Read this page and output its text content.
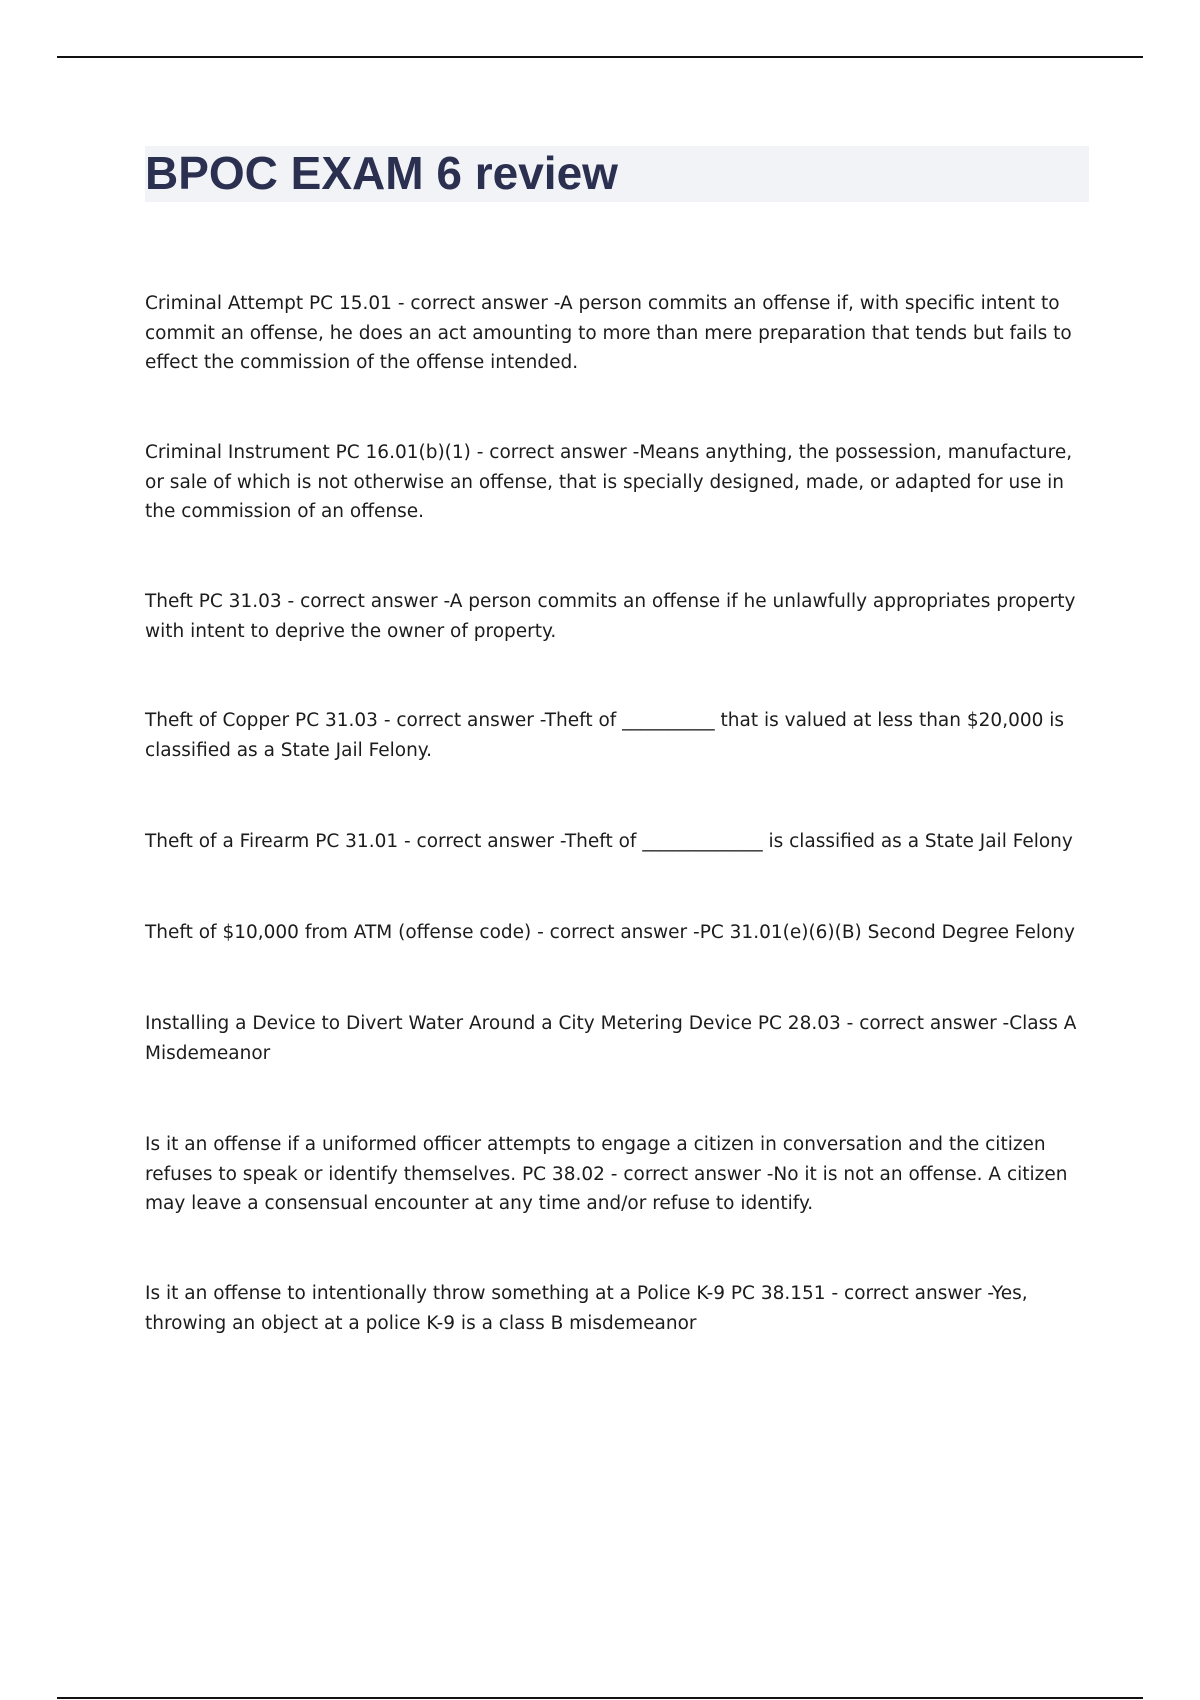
BPOC EXAM 6 review
Criminal Attempt PC 15.01 - correct answer -A person commits an offense if, with specific intent to commit an offense, he does an act amounting to more than mere preparation that tends but fails to effect the commission of the offense intended.
Criminal Instrument PC 16.01(b)(1) - correct answer -Means anything, the possession, manufacture, or sale of which is not otherwise an offense, that is specially designed, made, or adapted for use in the commission of an offense.
Theft PC 31.03 - correct answer -A person commits an offense if he unlawfully appropriates property with intent to deprive the owner of property.
Theft of Copper PC 31.03 - correct answer -Theft of __________ that is valued at less than $20,000 is classified as a State Jail Felony.
Theft of a Firearm PC 31.01 - correct answer -Theft of _____________ is classified as a State Jail Felony
Theft of $10,000 from ATM (offense code) - correct answer -PC 31.01(e)(6)(B) Second Degree Felony
Installing a Device to Divert Water Around a City Metering Device PC 28.03 - correct answer -Class A Misdemeanor
Is it an offense if a uniformed officer attempts to engage a citizen in conversation and the citizen refuses to speak or identify themselves. PC 38.02 - correct answer -No it is not an offense. A citizen may leave a consensual encounter at any time and/or refuse to identify.
Is it an offense to intentionally throw something at a Police K-9 PC 38.151 - correct answer -Yes, throwing an object at a police K-9 is a class B misdemeanor
